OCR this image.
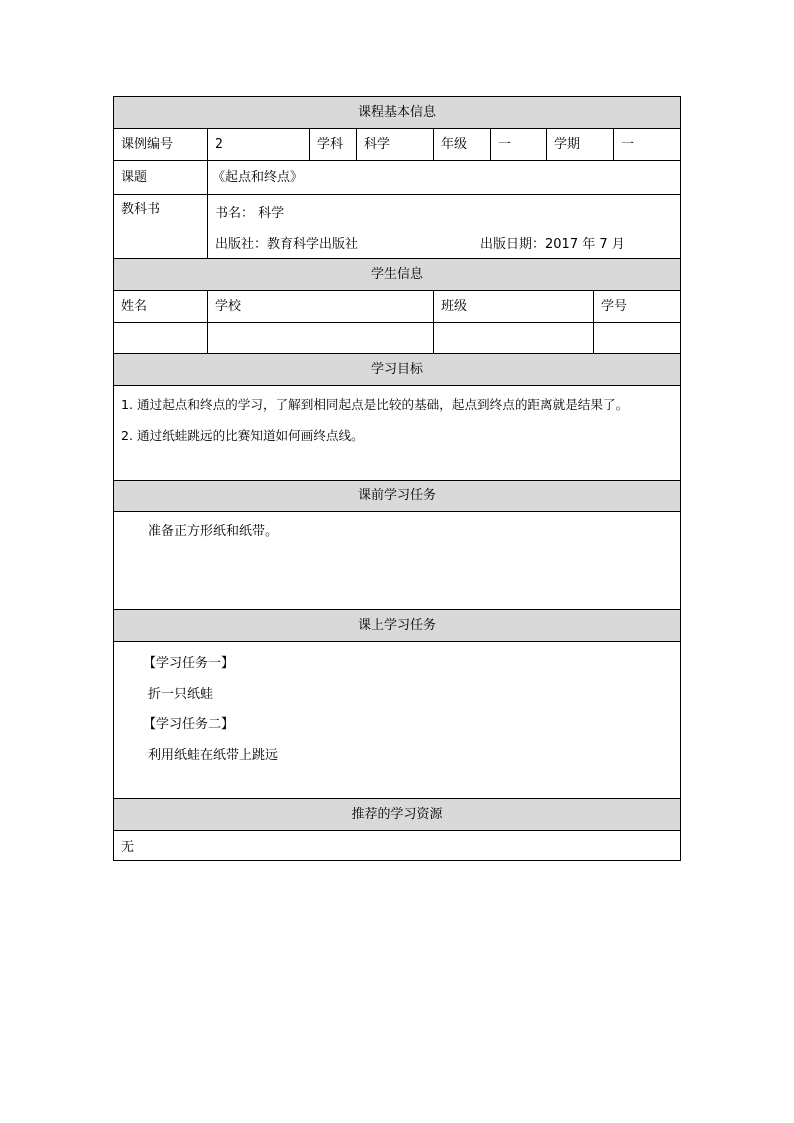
课程基本信息
课例编号	2	学科	科学	年级	一	学期	一
课题	《起点和终点》
教科书	书名： 科学
出版社：教育科学出版社	出版日期：2017 年 7 月
学生信息
姓名	学校	班级	学号
学习目标
1. 通过起点和终点的学习，了解到相同起点是比较的基础，起点到终点的距离就是结果了。
2. 通过纸蛙跳远的比赛知道如何画终点线。
课前学习任务
准备正方形纸和纸带。
课上学习任务
【学习任务一】
折一只纸蛙
【学习任务二】
利用纸蛙在纸带上跳远
推荐的学习资源
无
